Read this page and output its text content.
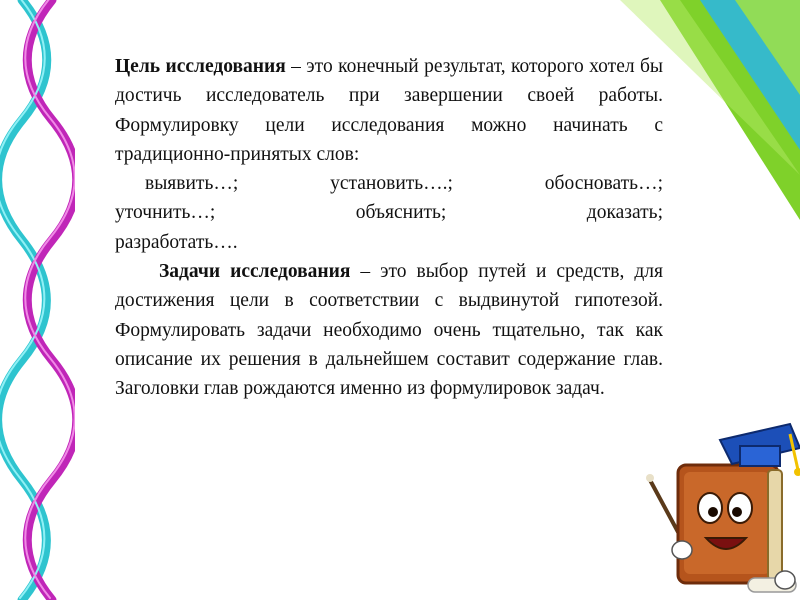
Цель исследования – это конечный результат, которого хотел бы достичь исследователь при завершении своей работы. Формулировку цели исследования можно начинать с традиционно-принятых слов:

выявить…; установить….; обосновать…;

уточнить…; объяснить; доказать;

разработать….

Задачи исследования – это выбор путей и средств, для достижения цели в соответствии с выдвинутой гипотезой. Формулировать задачи необходимо очень тщательно, так как описание их решения в дальнейшем составит содержание глав. Заголовки глав рождаются именно из формулировок задач.
